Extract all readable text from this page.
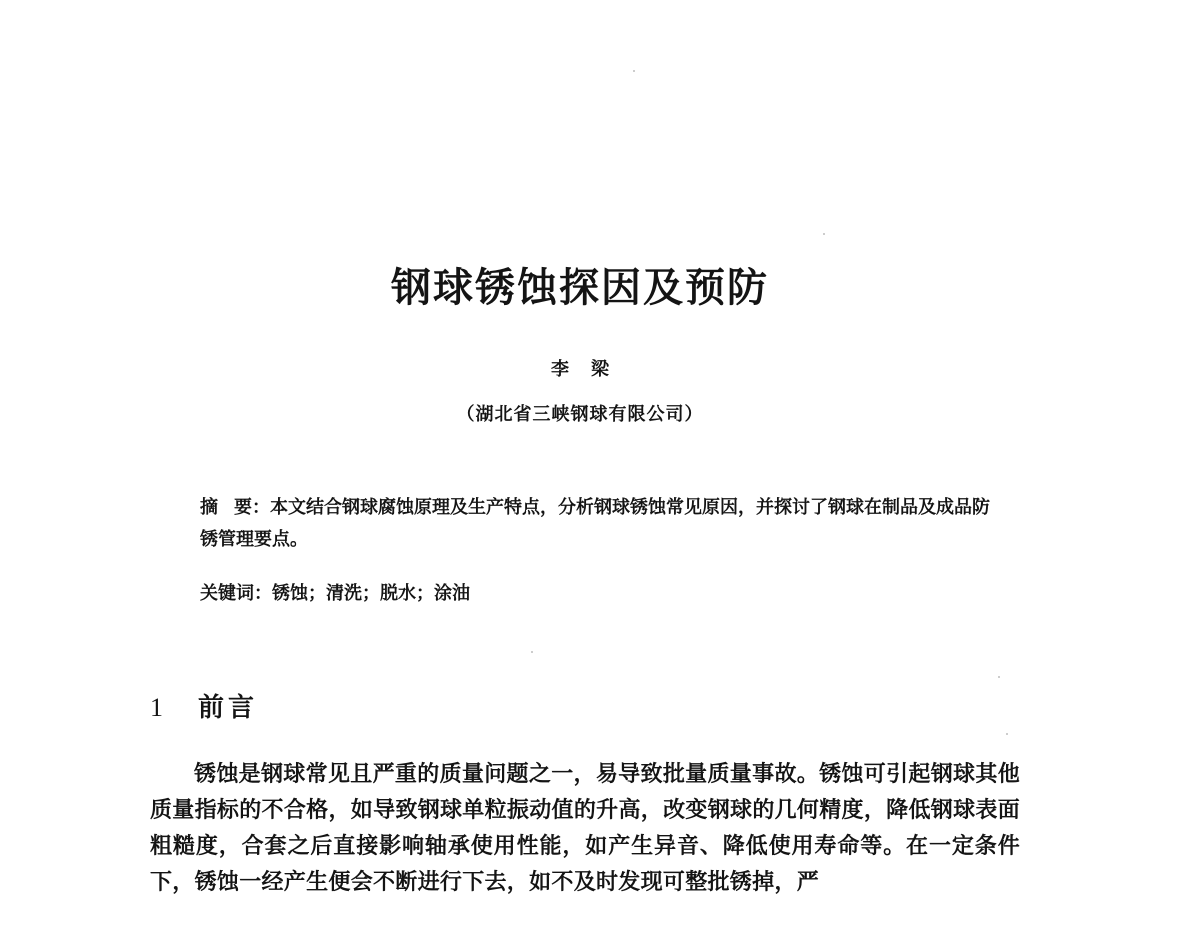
钢球锈蚀探因及预防
李梁
（湖北省三峡钢球有限公司）

摘 要：本文结合钢球腐蚀原理及生产特点，分析钢球锈蚀常见原因，并探讨了钢球在制品及成品防锈管理要点。

关键词：锈蚀；清洗；脱水；涂油
1 前言

锈蚀是钢球常见且严重的质量问题之一，易导致批量质量事故。锈蚀可引起钢球其他质量指标的不合格，如导致钢球单粒振动值的升高，改变钢球的几何精度，降低钢球表面粗糙度，合套之后直接影响轴承使用性能，如产生异音、降低使用寿命等。在一定条件下，锈蚀一经产生便会不断进行下去，如不及时发现可整批锈掉，严
